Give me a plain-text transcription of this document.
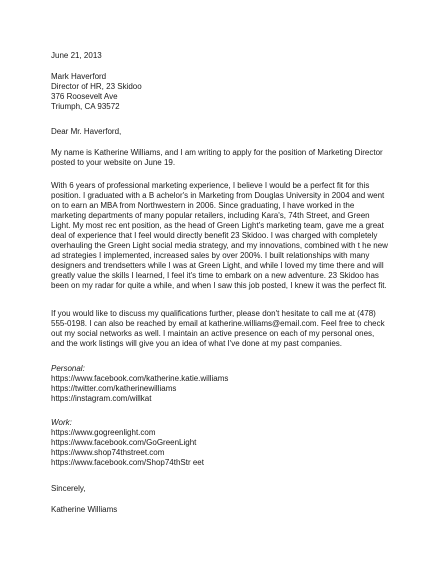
June 21, 2013
Mark Haverford
Director of HR, 23 Skidoo
376 Roosevelt Ave
Triumph, CA 93572
Dear Mr. Haverford,
My name is Katherine Williams, and I am writing to apply for the position of Marketing Director
posted to your website on June 19.
With 6 years of professional marketing experience, I believe I would be a perfect fit for this
position. I graduated with a B achelor's in Marketing from Douglas University in 2004 and went
on to earn an MBA from Northwestern in 2006. Since graduating, I have worked in the
marketing departments of many popular retailers, including Kara's, 74th Street, and Green
Light. My most rec ent position, as the head of Green Light's marketing team, gave me a great
deal of experience that I feel would directly benefit 23 Skidoo. I was charged with completely
overhauling the Green Light social media strategy, and my innovations, combined with t he new
ad strategies I implemented, increased sales by over 200%. I built relationships with many
designers and trendsetters while I was at Green Light, and while I loved my time there and will
greatly value the skills I learned, I feel it's time to embark on a new adventure. 23 Skidoo has
been on my radar for quite a while, and when I saw this job posted, I knew it was the perfect fit.
If you would like to discuss my qualifications further, please don't hesitate to call me at (478)
555-0198. I can also be reached by email at katherine.williams@email.com. Feel free to check
out my social networks as well. I maintain an active presence on each of my personal ones,
and the work listings will give you an idea of what I've done at my past companies.
Personal:
https://www.facebook.com/katherine.katie.williams
https://twitter.com/katherinewilliams
https://instagram.com/willkat
Work:
https://www.gogreenlight.com
https://www.facebook.com/GoGreenLight
https://www.shop74thstreet.com
https://www.facebook.com/Shop74thStr eet
Sincerely,
Katherine Williams
